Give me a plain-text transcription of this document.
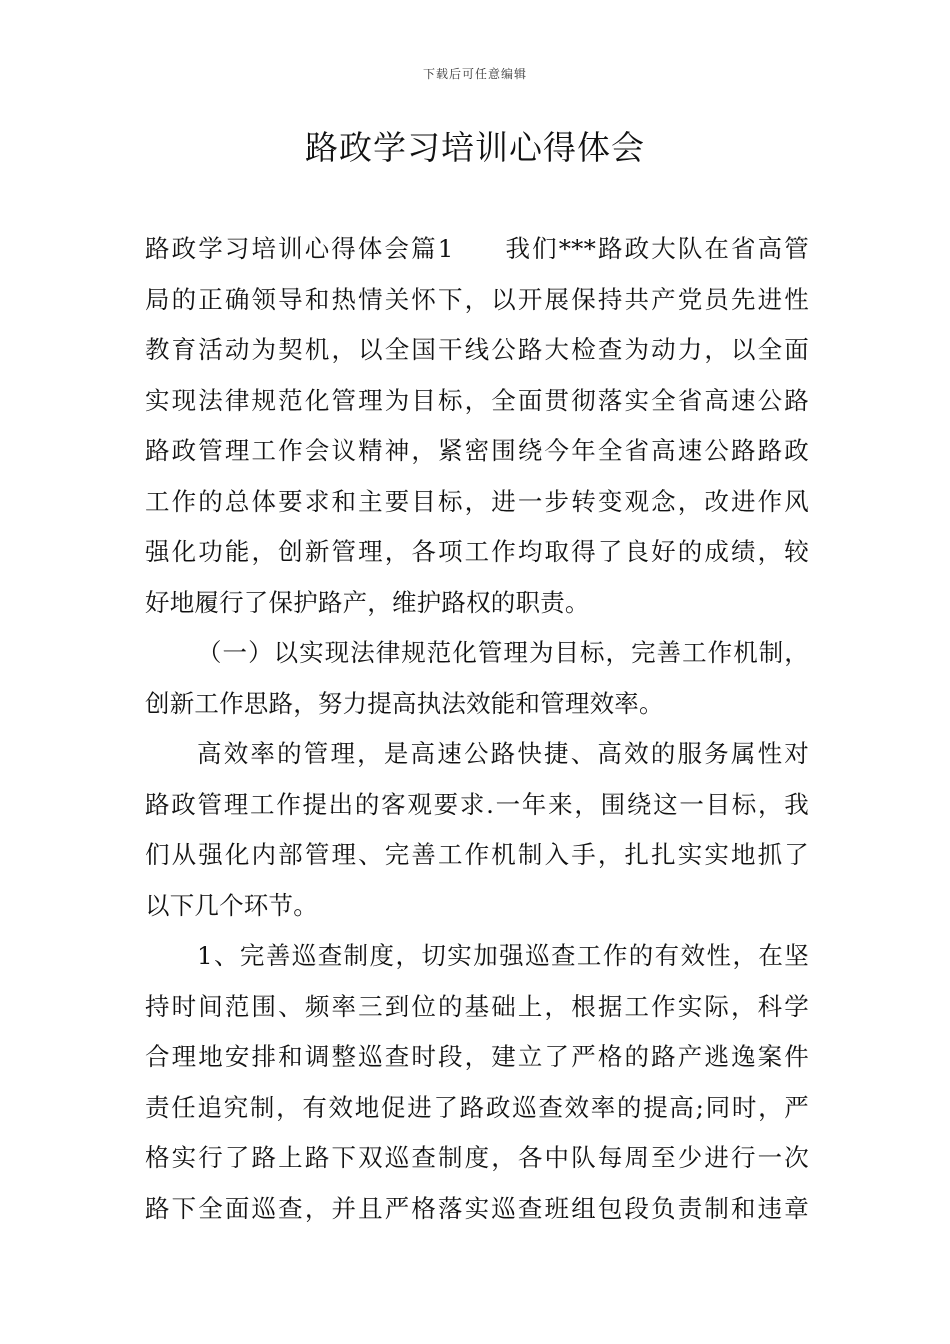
下载后可任意编辑
路政学习培训心得体会
路政学习培训心得体会篇1 我们***路政大队在省高管
局的正确领导和热情关怀下，以开展保持共产党员先进性
教育活动为契机，以全国干线公路大检查为动力，以全面
实现法律规范化管理为目标，全面贯彻落实全省高速公路
路政管理工作会议精神，紧密围绕今年全省高速公路路政
工作的总体要求和主要目标，进一步转变观念，改进作风
强化功能，创新管理，各项工作均取得了良好的成绩，较
好地履行了保护路产，维护路权的职责。
（一）以实现法律规范化管理为目标，完善工作机制，
创新工作思路，努力提高执法效能和管理效率。
高效率的管理，是高速公路快捷、高效的服务属性对
路政管理工作提出的客观要求.一年来，围绕这一目标，我
们从强化内部管理、完善工作机制入手，扎扎实实地抓了
以下几个环节。
1、完善巡查制度，切实加强巡查工作的有效性，在坚
持时间范围、频率三到位的基础上，根据工作实际，科学
合理地安排和调整巡查时段，建立了严格的路产逃逸案件
责任追究制，有效地促进了路政巡查效率的提高;同时，严
格实行了路上路下双巡查制度，各中队每周至少进行一次
路下全面巡查，并且严格落实巡查班组包段负责制和违章
